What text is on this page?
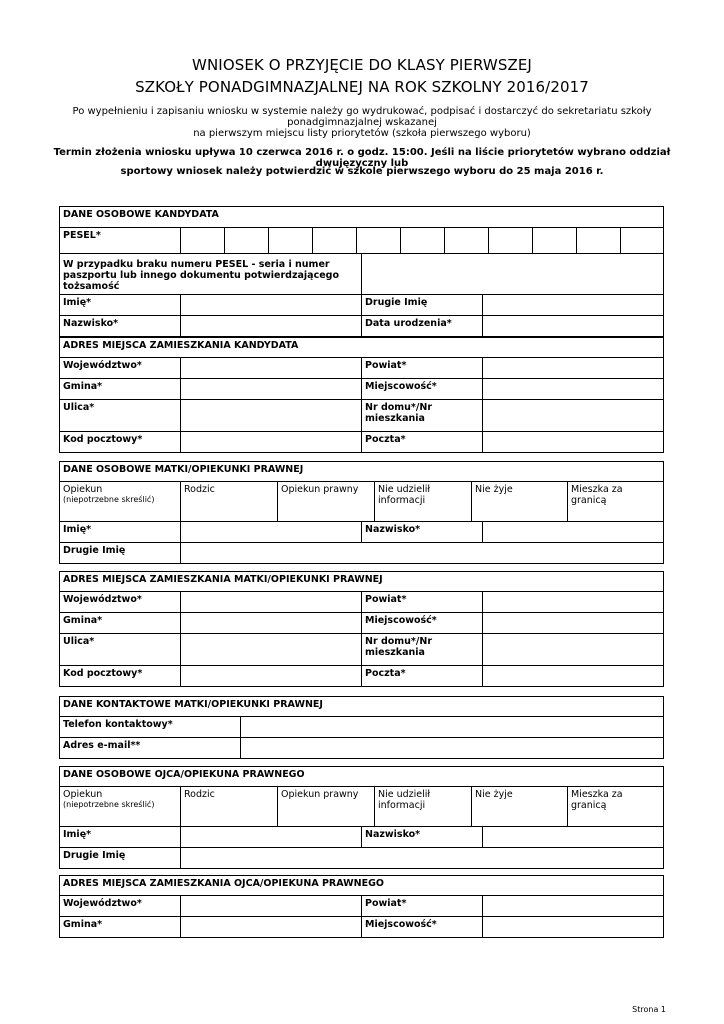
WNIOSEK O PRZYJĘCIE DO KLASY PIERWSZEJ
SZKOŁY PONADGIMNAZJALNEJ NA ROK SZKOLNY 2016/2017
Po wypełnieniu i zapisaniu wniosku w systemie należy go wydrukować, podpisać i dostarczyć do sekretariatu szkoły ponadgimnazjalnej wskazanej
na pierwszym miejscu listy priorytetów (szkoła pierwszego wyboru)
Termin złożenia wniosku upływa 10 czerwca 2016 r. o godz. 15:00. Jeśli na liście priorytetów wybrano oddział dwujęzyczny lub
sportowy wniosek należy potwierdzić w szkole pierwszego wyboru do 25 maja 2016 r.
DANE OSOBOWE KANDYDATA
PESEL*											
W przypadku braku numeru PESEL - seria i numer paszportu lub innego dokumentu potwierdzającego tożsamość			
Imię*		Drugie Imię	
Nazwisko*		Data urodzenia*	
ADRES MIEJSCA ZAMIESZKANIA KANDYDATA			
Województwo*		Powiat*	
Gmina*		Miejscowość*	
Ulica*		Nr domu*/Nr mieszkania	
Kod pocztowy*		Poczta*	
DANE OSOBOWE MATKI/OPIEKUNKI PRAWNEJ

Opiekun
(niepotrzebne skreślić)
	Rodzic	Opiekun prawny	Nie udzielił informacji	Nie żyje	Mieszka za granicą
Imię*		Nazwisko*	
Drugie Imię			
ADRES MIEJSCA ZAMIESZKANIA MATKI/OPIEKUNKI PRAWNEJ			
Województwo*		Powiat*	
Gmina*		Miejscowość*	
Ulica*		Nr domu*/Nr mieszkania	
Kod pocztowy*		Poczta*	
DANE KONTAKTOWE MATKI/OPIEKUNKI PRAWNEJ	
Telefon kontaktowy*	
Adres e-mail**	
DANE OSOBOWE OJCA/OPIEKUNA PRAWNEGO

Opiekun
(niepotrzebne skreślić)
	Rodzic	Opiekun prawny	Nie udzielił informacji	Nie żyje	Mieszka za granicą
Imię*		Nazwisko*	
Drugie Imię			
ADRES MIEJSCA ZAMIESZKANIA OJCA/OPIEKUNA PRAWNEGO			
Województwo*		Powiat*	
Gmina*		Miejscowość*	
Strona 1
